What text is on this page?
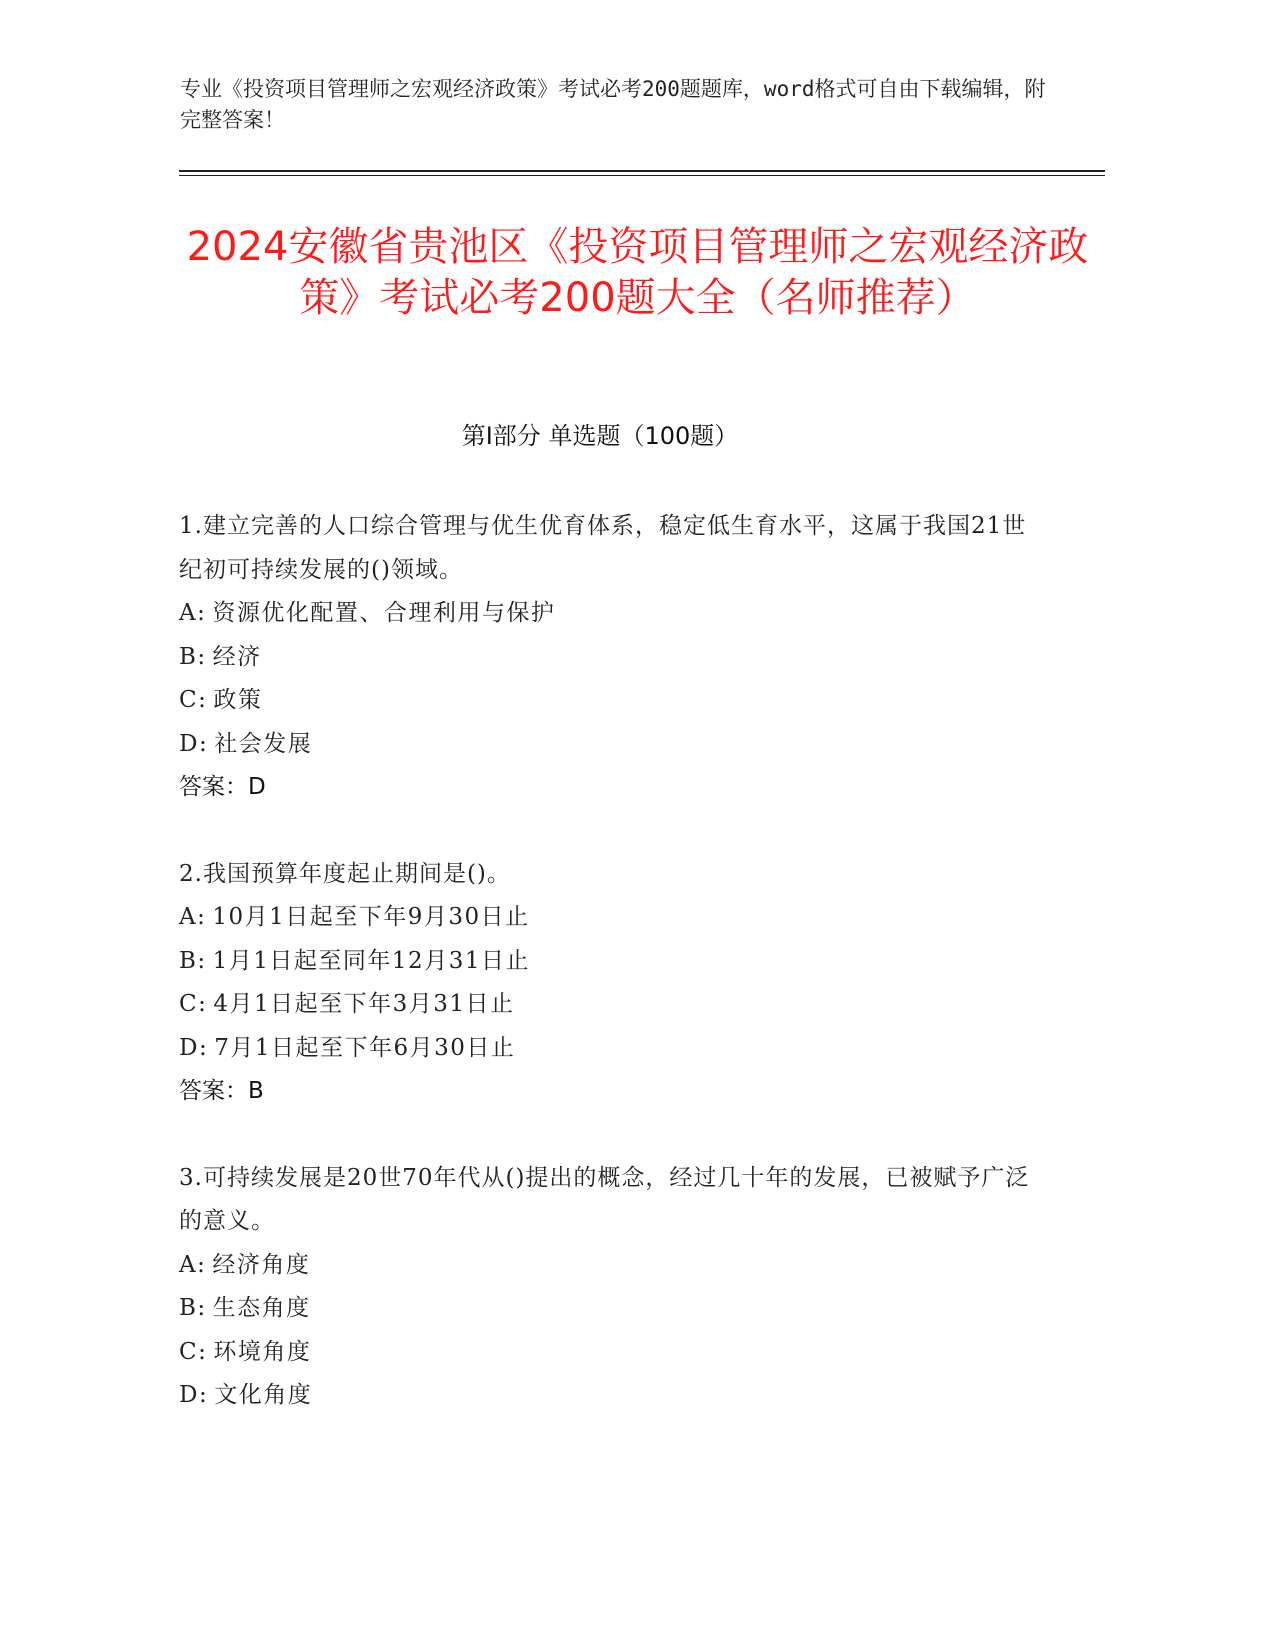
专业《投资项目管理师之宏观经济政策》考试必考200题题库，word格式可自由下载编辑，附完整答案！
2024安徽省贵池区《投资项目管理师之宏观经济政策》考试必考200题大全（名师推荐）
第I部分 单选题（100题）
1.建立完善的人口综合管理与优生优育体系，稳定低生育水平，这属于我国21世纪初可持续发展的()领域。
A: 资源优化配置、合理利用与保护
B: 经济
C: 政策
D: 社会发展
答案：D
2.我国预算年度起止期间是()。
A: 10月1日起至下年9月30日止
B: 1月1日起至同年12月31日止
C: 4月1日起至下年3月31日止
D: 7月1日起至下年6月30日止
答案：B
3.可持续发展是20世70年代从()提出的概念，经过几十年的发展，已被赋予广泛的意义。
A: 经济角度
B: 生态角度
C: 环境角度
D: 文化角度
